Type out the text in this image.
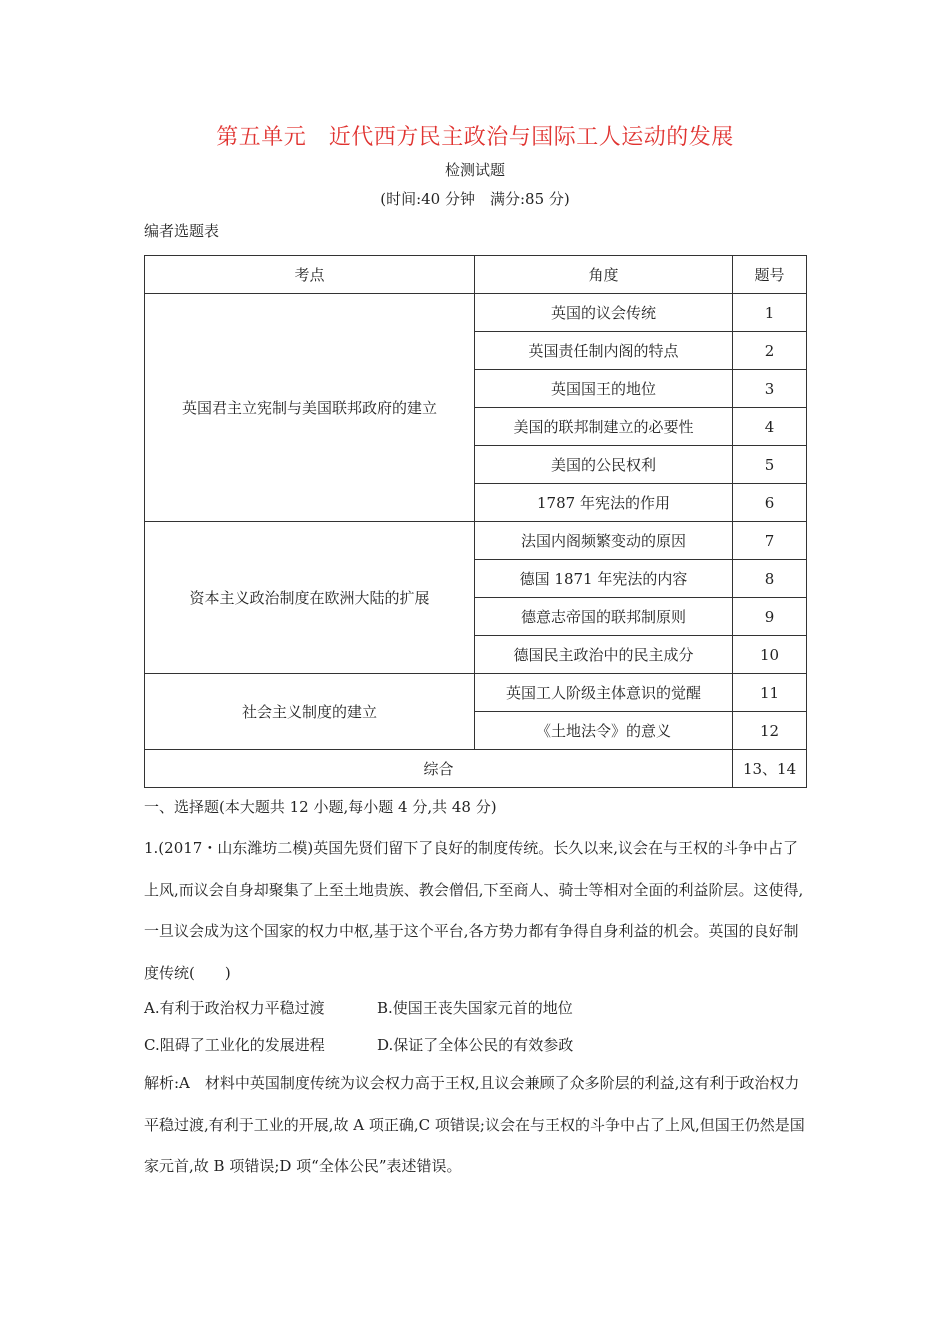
第五单元　近代西方民主政治与国际工人运动的发展
检测试题
(时间:40 分钟　满分:85 分)
编者选题表
考点	角度	题号
英国君主立宪制与美国联邦政府的建立	英国的议会传统	1
	英国责任制内阁的特点	2
	英国国王的地位	3
	美国的联邦制建立的必要性	4
	美国的公民权利	5
	1787 年宪法的作用	6
资本主义政治制度在欧洲大陆的扩展	法国内阁频繁变动的原因	7
	德国 1871 年宪法的内容	8
	德意志帝国的联邦制原则	9
	德国民主政治中的民主成分	10
社会主义制度的建立	英国工人阶级主体意识的觉醒	11
	《土地法令》的意义	12
综合		13、14
一、选择题(本大题共 12 小题,每小题 4 分,共 48 分)
1.(2017・山东潍坊二模)英国先贤们留下了良好的制度传统。长久以来,议会在与王权的斗争中占了上风,而议会自身却聚集了上至土地贵族、教会僧侣,下至商人、骑士等相对全面的利益阶层。这使得,一旦议会成为这个国家的权力中枢,基于这个平台,各方势力都有争得自身利益的机会。英国的良好制度传统(　　)
A.有利于政治权力平稳过渡	B.使国王丧失国家元首的地位
C.阻碍了工业化的发展进程	D.保证了全体公民的有效参政
解析:A　材料中英国制度传统为议会权力高于王权,且议会兼顾了众多阶层的利益,这有利于政治权力平稳过渡,有利于工业的开展,故 A 项正确,C 项错误;议会在与王权的斗争中占了上风,但国王仍然是国家元首,故 B 项错误;D 项“全体公民”表述错误。
